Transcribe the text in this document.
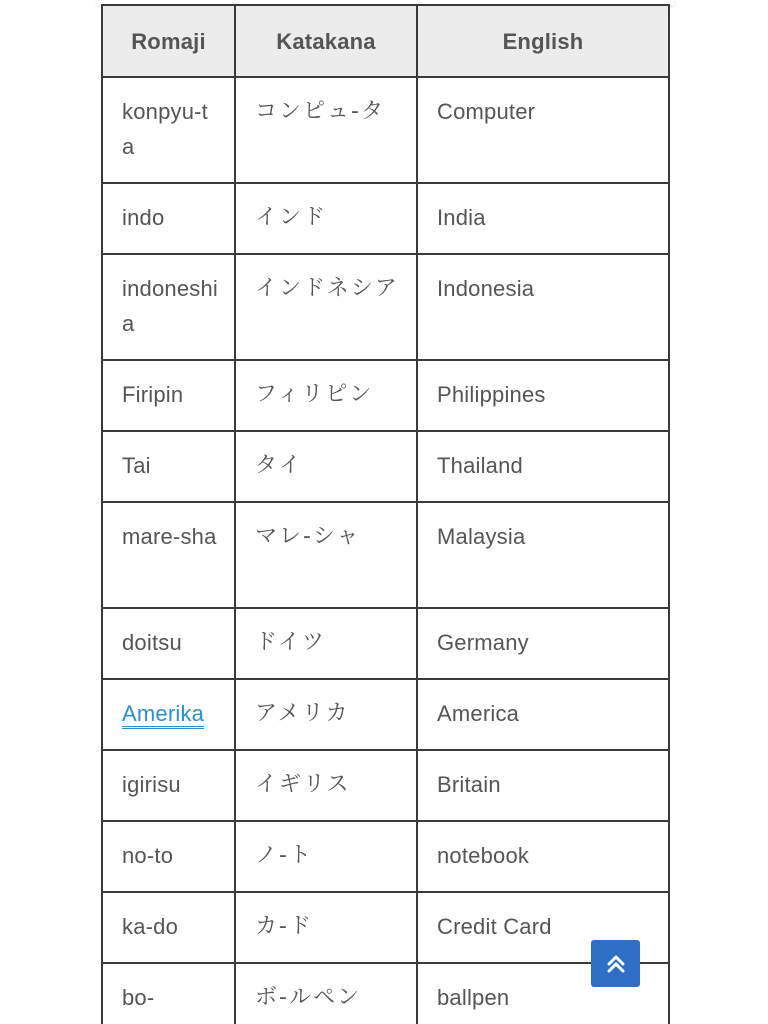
Romaji	Katakana	English

konpyu-ta	コンピュ-タ	Computer

indo	インド	India

indoneshia	インドネシア	Indonesia

Firipin	フィリピン	Philippines

Tai	タイ	Thailand

mare-sha	マレ-シャ	Malaysia

doitsu	ドイツ	Germany

Amerika	アメリカ	America

igirisu	イギリス	Britain

no-to	ノ-ト	notebook

ka-do	カ-ド	Credit Card

bo-	ボ-ルペン	ballpen
